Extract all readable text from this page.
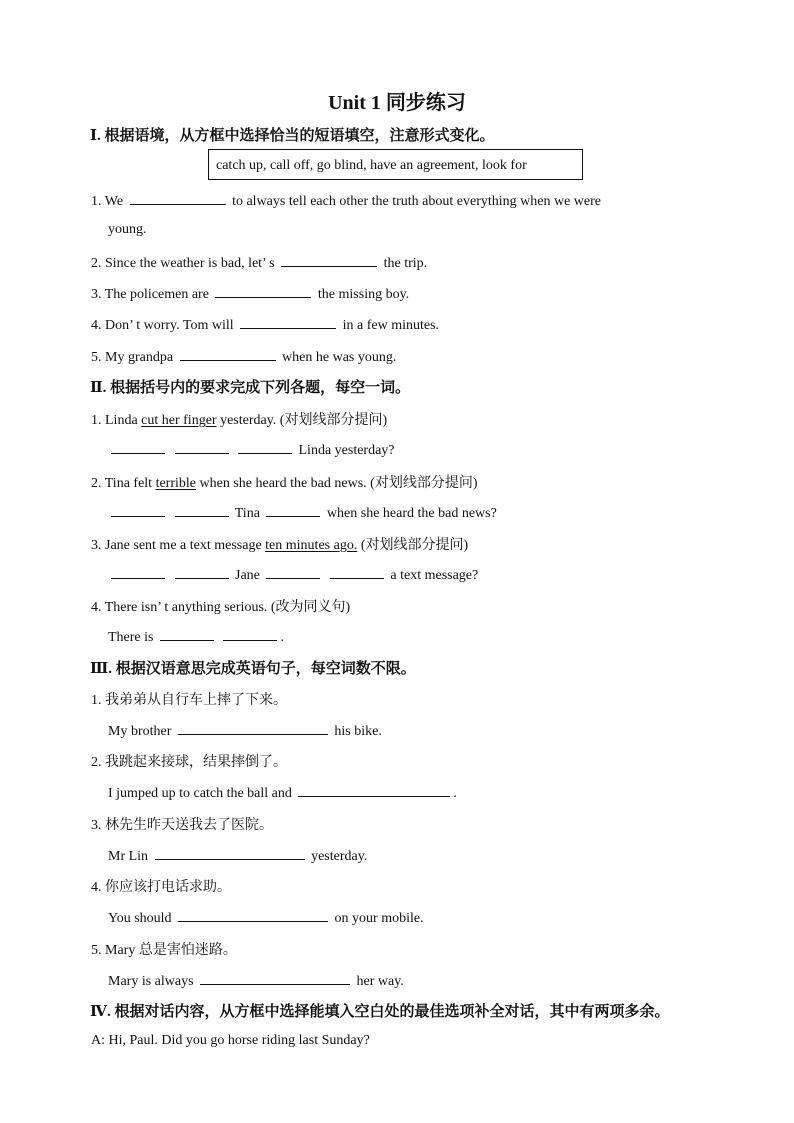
Unit 1 同步练习
Ⅰ. 根据语境，从方框中选择恰当的短语填空，注意形式变化。
catch up, call off, go blind, have an agreement, look for
1. We	to always tell each other the truth about everything when we were
young.
2. Since the weather is bad, let’ s	the trip.
3. The policemen are	the missing boy.
4. Don’ t worry. Tom will	in a few minutes.
5. My grandpa	when he was young.
Ⅱ. 根据括号内的要求完成下列各题，每空一词。
1. Linda cut her finger yesterday. (对划线部分提问)
Linda yesterday?
2. Tina felt terrible when she heard the bad news. (对划线部分提问)
Tina	when she heard the bad news?
3. Jane sent me a text message ten minutes ago. (对划线部分提问)
Jane	a text message?
4. There isn’ t anything serious. (改为同义句)
There is	.
Ⅲ. 根据汉语意思完成英语句子，每空词数不限。
1. 我弟弟从自行车上摔了下来。
My brother	his bike.
2. 我跳起来接球，结果摔倒了。
I jumped up to catch the ball and	.
3. 林先生昨天送我去了医院。
Mr Lin	yesterday.
4. 你应该打电话求助。
You should	on your mobile.
5. Mary 总是害怕迷路。
Mary is always	her way.
Ⅳ. 根据对话内容，从方框中选择能填入空白处的最佳选项补全对话，其中有两项多余。
A: Hi, Paul. Did you go horse riding last Sunday?
